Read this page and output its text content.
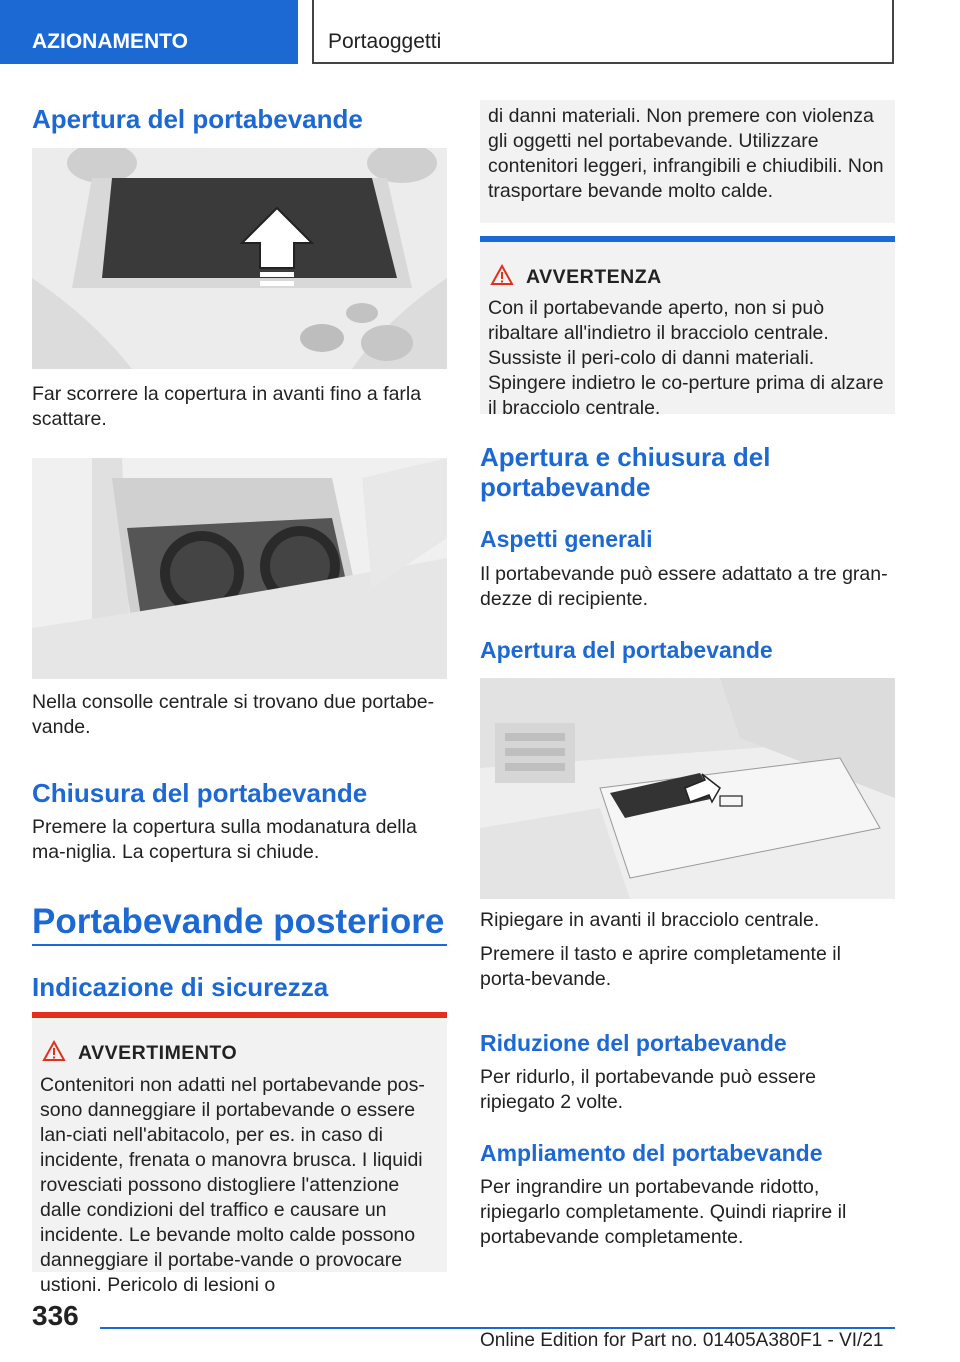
AZIONAMENTO	Portaoggetti
Apertura del portabevande
Far scorrere la copertura in avanti fino a farla scattare.
Nella consolle centrale si trovano due portabe-vande.
Chiusura del portabevande
Premere la copertura sulla modanatura della ma-niglia. La copertura si chiude.
Portabevande posteriore
Indicazione di sicurezza
AVVERTIMENTO
Contenitori non adatti nel portabevande pos-sono danneggiare il portabevande o essere lan-ciati nell'abitacolo, per es. in caso di incidente, frenata o manovra brusca. I liquidi rovesciati possono distogliere l'attenzione dalle condizioni del traffico e causare un incidente. Le bevande molto calde possono danneggiare il portabe-vande o provocare ustioni. Pericolo di lesioni o
di danni materiali. Non premere con violenza gli oggetti nel portabevande. Utilizzare contenitori leggeri, infrangibili e chiudibili. Non trasportare bevande molto calde.
AVVERTENZA
Con il portabevande aperto, non si può ribaltare all'indietro il bracciolo centrale. Sussiste il peri-colo di danni materiali. Spingere indietro le co-perture prima di alzare il bracciolo centrale.
Apertura e chiusura del portabevande
Aspetti generali
Il portabevande può essere adattato a tre gran-dezze di recipiente.
Apertura del portabevande
Ripiegare in avanti il bracciolo centrale.
Premere il tasto e aprire completamente il porta-bevande.
Riduzione del portabevande
Per ridurlo, il portabevande può essere ripiegato 2 volte.
Ampliamento del portabevande
Per ingrandire un portabevande ridotto, ripiegarlo completamente. Quindi riaprire il portabevande completamente.
336
Online Edition for Part no. 01405A380F1 - VI/21
